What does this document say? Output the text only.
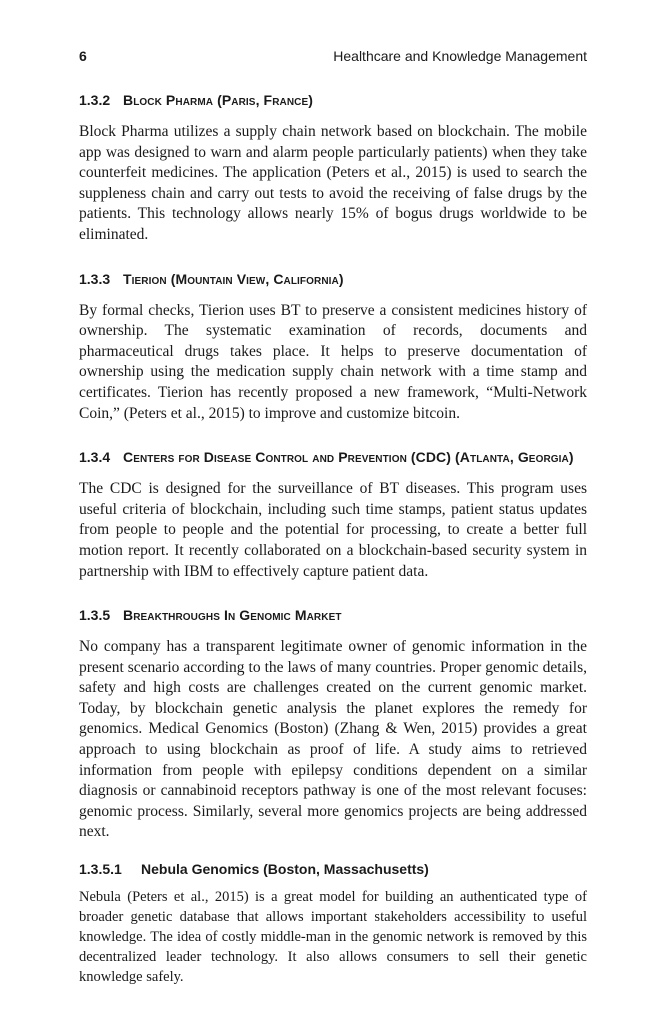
6	Healthcare and Knowledge Management
1.3.2 Block Pharma (Paris, France)

Block Pharma utilizes a supply chain network based on blockchain. The mobile app was designed to warn and alarm people particularly patients) when they take counterfeit medicines. The application (Peters et al., 2015) is used to search the suppleness chain and carry out tests to avoid the receiving of false drugs by the patients. This technology allows nearly 15% of bogus drugs worldwide to be eliminated.

1.3.3 Tierion (Mountain View, California)

By formal checks, Tierion uses BT to preserve a consistent medicines history of ownership. The systematic examination of records, documents and pharmaceutical drugs takes place. It helps to preserve documentation of ownership using the medication supply chain network with a time stamp and certificates. Tierion has recently proposed a new framework, “Multi-Network Coin,” (Peters et al., 2015) to improve and customize bitcoin.

1.3.4 Centers for Disease Control and Prevention (CDC) (Atlanta, Georgia)

The CDC is designed for the surveillance of BT diseases. This program uses useful criteria of blockchain, including such time stamps, patient status updates from people to people and the potential for processing, to create a better full motion report. It recently collaborated on a blockchain-based security system in partnership with IBM to effectively capture patient data.

1.3.5 Breakthroughs In Genomic Market

No company has a transparent legitimate owner of genomic information in the present scenario according to the laws of many countries. Proper genomic details, safety and high costs are challenges created on the current genomic market. Today, by blockchain genetic analysis the planet explores the remedy for genomics. Medical Genomics (Boston) (Zhang & Wen, 2015) provides a great approach to using blockchain as proof of life. A study aims to retrieved information from people with epilepsy conditions dependent on a similar diagnosis or cannabinoid receptors pathway is one of the most relevant focuses: genomic process. Similarly, several more genomics projects are being addressed next.

1.3.5.1	Nebula Genomics (Boston, Massachusetts)

Nebula (Peters et al., 2015) is a great model for building an authenticated type of broader genetic database that allows important stakeholders accessibility to useful knowledge. The idea of costly middle-man in the genomic network is removed by this decentralized leader technology. It also allows consumers to sell their genetic knowledge safely.
